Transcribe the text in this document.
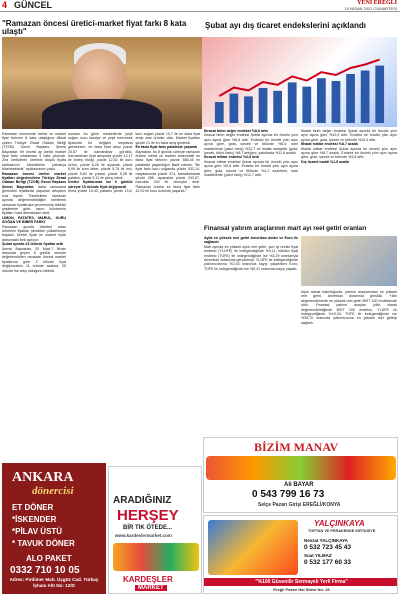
4 GÜNCEL	YENİ EREĞLİ
10 NİSAN 2021 CUMARTESİ
"Ramazan öncesi üretici-market fiyat farkı 8 kata ulaştı"
Şubat ayı dış ticaret endekslerini açıklandı
Ramazan öncesinde üretici ve market fiyat farkının 8 kata ulaştığına dikkat çeken Türkiye Ziraat Odaları Birliği (TZOB) Genel Başkanı Şemsi Bayraktar, bir önceki ay üretici market fiyat farkı ortalaması 5 kata çıkmıştı. Zira üreticilerin üretimin düşük fiyata satmasının tüketicilerin pahalıya tüketmektedir" açıklamasını yaptı.
Ramazan öncesi üretici market fiyatları değerlendiren Türkiye Ziraat Odaları Birliği (TZOB) Genel Başkanı Şemsi Bayraktar, daha ramazana girmeden fiyatlarda yaşanan artışların sıra dışıdır. Tüketicilerin ramazan ayında değerlendirildiğini belirterek ramazan fiyatlarıyla çevrelenmiş tüketici çeşitlerine göre, tarım ürünlerinin fiyatları hızla artmaktadır dedi.
LİMON, PATATES, MARUL, KURU SOĞAN VE BİBER FARKI
Ramazan ayında tüketimi artan ürünlerin fiyatları şimdiden yükselmeye başladı. Üretici fiyatı ile market fiyatı arasındaki fark açılıyor.
Şubat ayında 23 üründe fiyatlar arttı
Şemsi Bayraktar, 20 Mart-7 Nisan arasında geçen 8 günlük süreçte değerlendirilen ramazan öncesi market fiyatlarına göre 3 üründe fiyat değişmezken 11 üründe azalma, 25 üründe ise artış olduğunu bildirdi.
nundan bu güne marketlerde yeşil soğan, kuru fasulye ve yeşil mercimek fiyatında bir değişim meydana gelmezken, en fazla fiyat artışı yüzde 25,87 ile karnabahar görüldü. Karnabaharı fiyat artışında yüzde 13,17 ile Antep fıstığı, yüzde 12,52 ile kuru üzüm, yüzde 8,26 ile ıspanak, yüzde 6,99 ile kuru biber, yüzde 5,75 ile inci, yüzde 5,62 ile pırasa, yüzde 5,28 ile patates, yüzde 5,11 ile pirinç izledi.
Üretici fiyatlarında ise 6 günlük süreçte 15 üründe fiyat değişmedi.
Elma yüzde 15,40, patates yüzde 13,6, kuru soğan yüzde 10,7 ile en fazla fiyat artışı olan ürünler oldu. Market fiyatları yüzde 21 ile en fazla artış gösterdi.
En fazla fiyat farkı patateste yaşandı
Bayraktar, bu 8 günlük süreçte ramazan öncesi üretici ve market arasındaki en fazla fiyat farkının yüzde 685,45 ile patateste yaşandığını ifade ederek, "Bu fiyat farkı kuru soğanda yüzde 532,14, maydanozda yüzde 374, karnabaharda yüzde 285, ıspanakta yüzde 242,67, marulda 240 ile olmuştur dedi. Ramazan öncesi en fazla fiyat farkı 42,02 ile kuru üzümde yaşandı."
İhracat birim değer endeksi %8,8 arttı
İhracat birim değer endeksi Şubat ayında bir önceki yılın aynı ayına göre %8,8 arttı. Endeksi bir önceki yılın aynı ayına göre, gıda, içecek ve tütünde %6,4, ham maddelerde (yakıt hariç) %12,7 ve imalat sanayide (gıda, içecek, tütün hariç) %8,7 arttığını, yakıtlarda %11,8 azaldı.
İhracat miktar endeksi %2,8 arttı
İhracat miktar endeksi Şubat ayında bir önceki yılın aynı ayına göre %2,8 arttı. Endeks bir önceki yılın aynı ayına göre, gıda, içecek ve tütünde %1,2 azalırken, ham maddelerde (yakıt hariç) %12,7 arttı.
İthalat birim değer endeksi Şubat ayında bir önceki yılın aynı ayına göre %13,9 arttı. Endeks bir önceki yılın aynı ayına göre, gıda, içecek ve tütünde %10,4 arttı.
İthalat miktar endeksi %8,7 azaldı
İthalat miktar endeksi Şubat ayında bir önceki yılın aynı ayına göre %8,7 azaldı. Endeks bir önceki yılın aynı ayına göre, gıda, içecek ve tütünde %3,8 arttı.
Dış ticaret haddi %1,5 azaldı
Finansal yatırım araçlarının mart ayı reel getiri oranları
Aylık en yüksek reel getiri Amerikan doları ve Euro ile sağlandı
Mart ayında en yüksek aylık reel getiri, yurt içi üretici fiyat endeksi (Yİ-ÜFE) ile indirgendiğinde %4,11, tüketici fiyat endeksi (TÜFE) ile indirgendiğinde ise %2,29 oranlarıyla Amerikan dolarında gerçekleşti. Yİ-ÜFE ile indirgendiğinde yatırımcılarına %2,43 oranında kayıp yaşatırken Euro, TÜFE ile indirgendiğinde ise %0,31 oranında kayıp yaşattı.
Aylık olarak bakıldığında, yatırım araçlarından en yüksek reel getiri, Amerikan dolarında görüldü. Yıllık değerlendirmede en yüksek reel getiri BIST 100 endeksinde oldu. Finansal yatırım araçları yıllık olarak değerlendirildiğinde BIST 100 endeksi, Yİ-ÜFE ile indirgendiğinde %19,34, TÜFE ile indirgendiğinde ise %35,70 oranında yatırımcısına en yüksek reel getiriyi sağladı.
BİZİM MANAV
Ali BAYAR
0 543 799 16 73
Selçe Pazarı Girişi EREĞLİ/KONYA
ANKARA
dönercisi
ET DÖNER
*İSKENDER
*PİLAV ÜSTÜ
* TAVUK DÖNER
ALO PAKET
0332 710 10 05
Adres: Pirdimer Mah. Üçgöz Cad. Türkay İşhanı Altı No: 12/D
ARADIĞINIZ
HERŞEY
BİR TIK ÖTEDE...
www.kardeslermarket.com
KARDEŞLER
MARKET
YALÇINKAYA
TOPTAN VE PERAKENDE KIRTASİYE
Nevzat YALÇINKAYA
0 532 723 45 43
Suat YILMAZ
0 532 177 60 33
"%100 Güvenilir Sermayeli Yerli Firma"
Ereğli Pazarı Hal Sitesi No: 26
